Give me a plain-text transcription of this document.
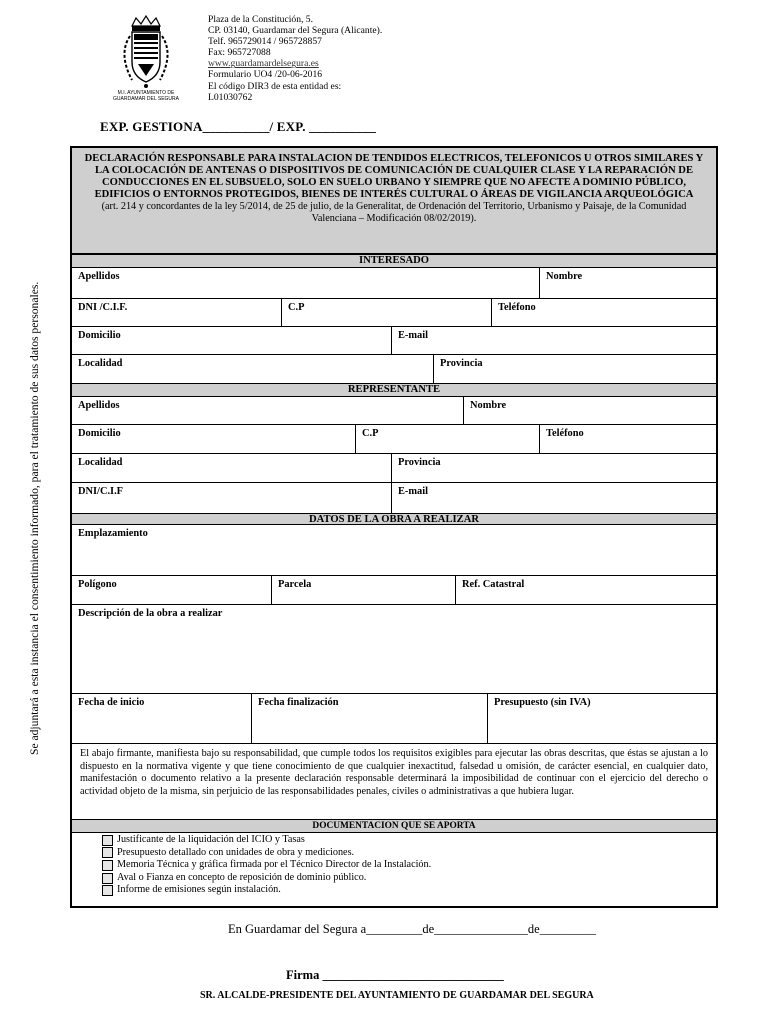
M.I. AYUNTAMIENTO DE
GUARDAMAR DEL SEGURA
Plaza de la Constitución, 5.
CP. 03140, Guardamar del Segura (Alicante).
Telf. 965729014 / 965728857
Fax: 965727088
www.guardamardelsegura.es
Formulario UO4 /20-06-2016
El código DIR3 de esta entidad es:
L01030762
EXP. GESTIONA__________/ EXP. __________
Se adjuntará a esta instancia el consentimiento informado, para el tratamiento de sus datos personales.
DECLARACIÓN RESPONSABLE PARA INSTALACION DE TENDIDOS ELECTRICOS, TELEFONICOS U OTROS SIMILARES Y LA COLOCACIÓN DE ANTENAS O DISPOSITIVOS DE COMUNICACIÓN DE CUALQUIER CLASE Y LA REPARACIÓN DE CONDUCCIONES EN EL SUBSUELO, SOLO EN SUELO URBANO Y SIEMPRE QUE NO AFECTE A DOMINIO PÚBLICO, EDIFICIOS O ENTORNOS PROTEGIDOS, BIENES DE INTERÉS CULTURAL O ÁREAS DE VIGILANCIA ARQUEOLÓGICA
(art. 214 y concordantes de la ley 5/2014, de 25 de julio, de la Generalitat, de Ordenación del Territorio, Urbanismo y Paisaje, de la Comunidad Valenciana – Modificación 08/02/2019).
INTERESADO
Apellidos	Nombre
DNI /C.I.F.	C.P	Teléfono
Domicilio	E-mail
Localidad	Provincia
REPRESENTANTE
Apellidos	Nombre
Domicilio	C.P	Teléfono
Localidad	Provincia
DNI/C.I.F	E-mail
DATOS DE LA OBRA A REALIZAR
Emplazamiento
Polígono	Parcela	Ref. Catastral
Descripción de la obra a realizar
Fecha de inicio	Fecha finalización	Presupuesto (sin IVA)
El abajo firmante, manifiesta bajo su responsabilidad, que cumple todos los requisitos exigibles para ejecutar las obras descritas, que éstas se ajustan a lo dispuesto en la normativa vigente y que tiene conocimiento de que cualquier inexactitud, falsedad u omisión, de carácter esencial, en cualquier dato, manifestación o documento relativo a la presente declaración responsable determinará la imposibilidad de continuar con el ejercicio del derecho o actividad objeto de la misma, sin perjuicio de las responsabilidades penales, civiles o administrativas a que hubiera lugar.
DOCUMENTACION QUE SE APORTA
Justificante de la liquidación del ICIO y Tasas
Presupuesto detallado con unidades de obra y mediciones.
Memoria Técnica y gráfica firmada por el Técnico Director de la Instalación.
Aval o Fianza en concepto de reposición de dominio público.
Informe de emisiones según instalación.
En Guardamar del Segura a_________de_______________de_________
Firma _____________________________
SR. ALCALDE-PRESIDENTE DEL AYUNTAMIENTO DE GUARDAMAR DEL SEGURA
